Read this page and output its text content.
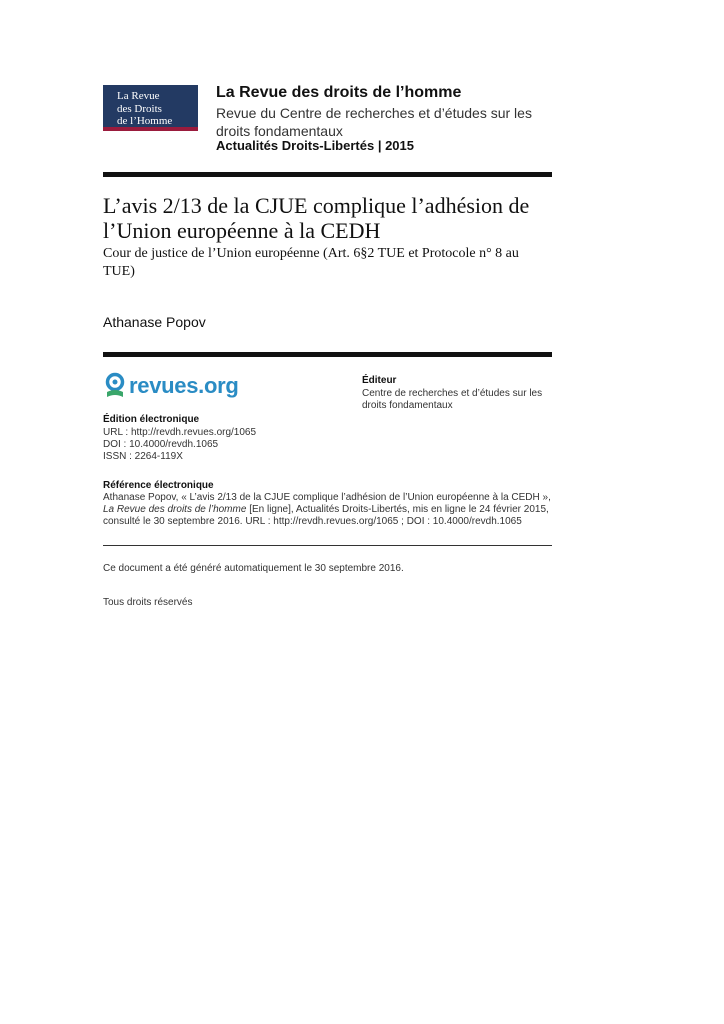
La Revue
des Droits
de l’Homme
La Revue des droits de l’homme
Revue du Centre de recherches et d’études sur les droits fondamentaux
Actualités Droits-Libertés | 2015
L’avis 2/13 de la CJUE complique l’adhésion de l’Union européenne à la CEDH
Cour de justice de l’Union européenne (Art. 6§2 TUE et Protocole n° 8 au TUE)
Athanase Popov
revues.org	Éditeur
Centre de recherches et d’études sur les droits fondamentaux
Édition électronique
URL : http://revdh.revues.org/1065
DOI : 10.4000/revdh.1065
ISSN : 2264-119X
Référence électronique
Athanase Popov, « L’avis 2/13 de la CJUE complique l’adhésion de l’Union européenne à la CEDH », La Revue des droits de l’homme [En ligne], Actualités Droits-Libertés, mis en ligne le 24 février 2015, consulté le 30 septembre 2016. URL : http://revdh.revues.org/1065 ; DOI : 10.4000/revdh.1065
Ce document a été généré automatiquement le 30 septembre 2016.
Tous droits réservés
